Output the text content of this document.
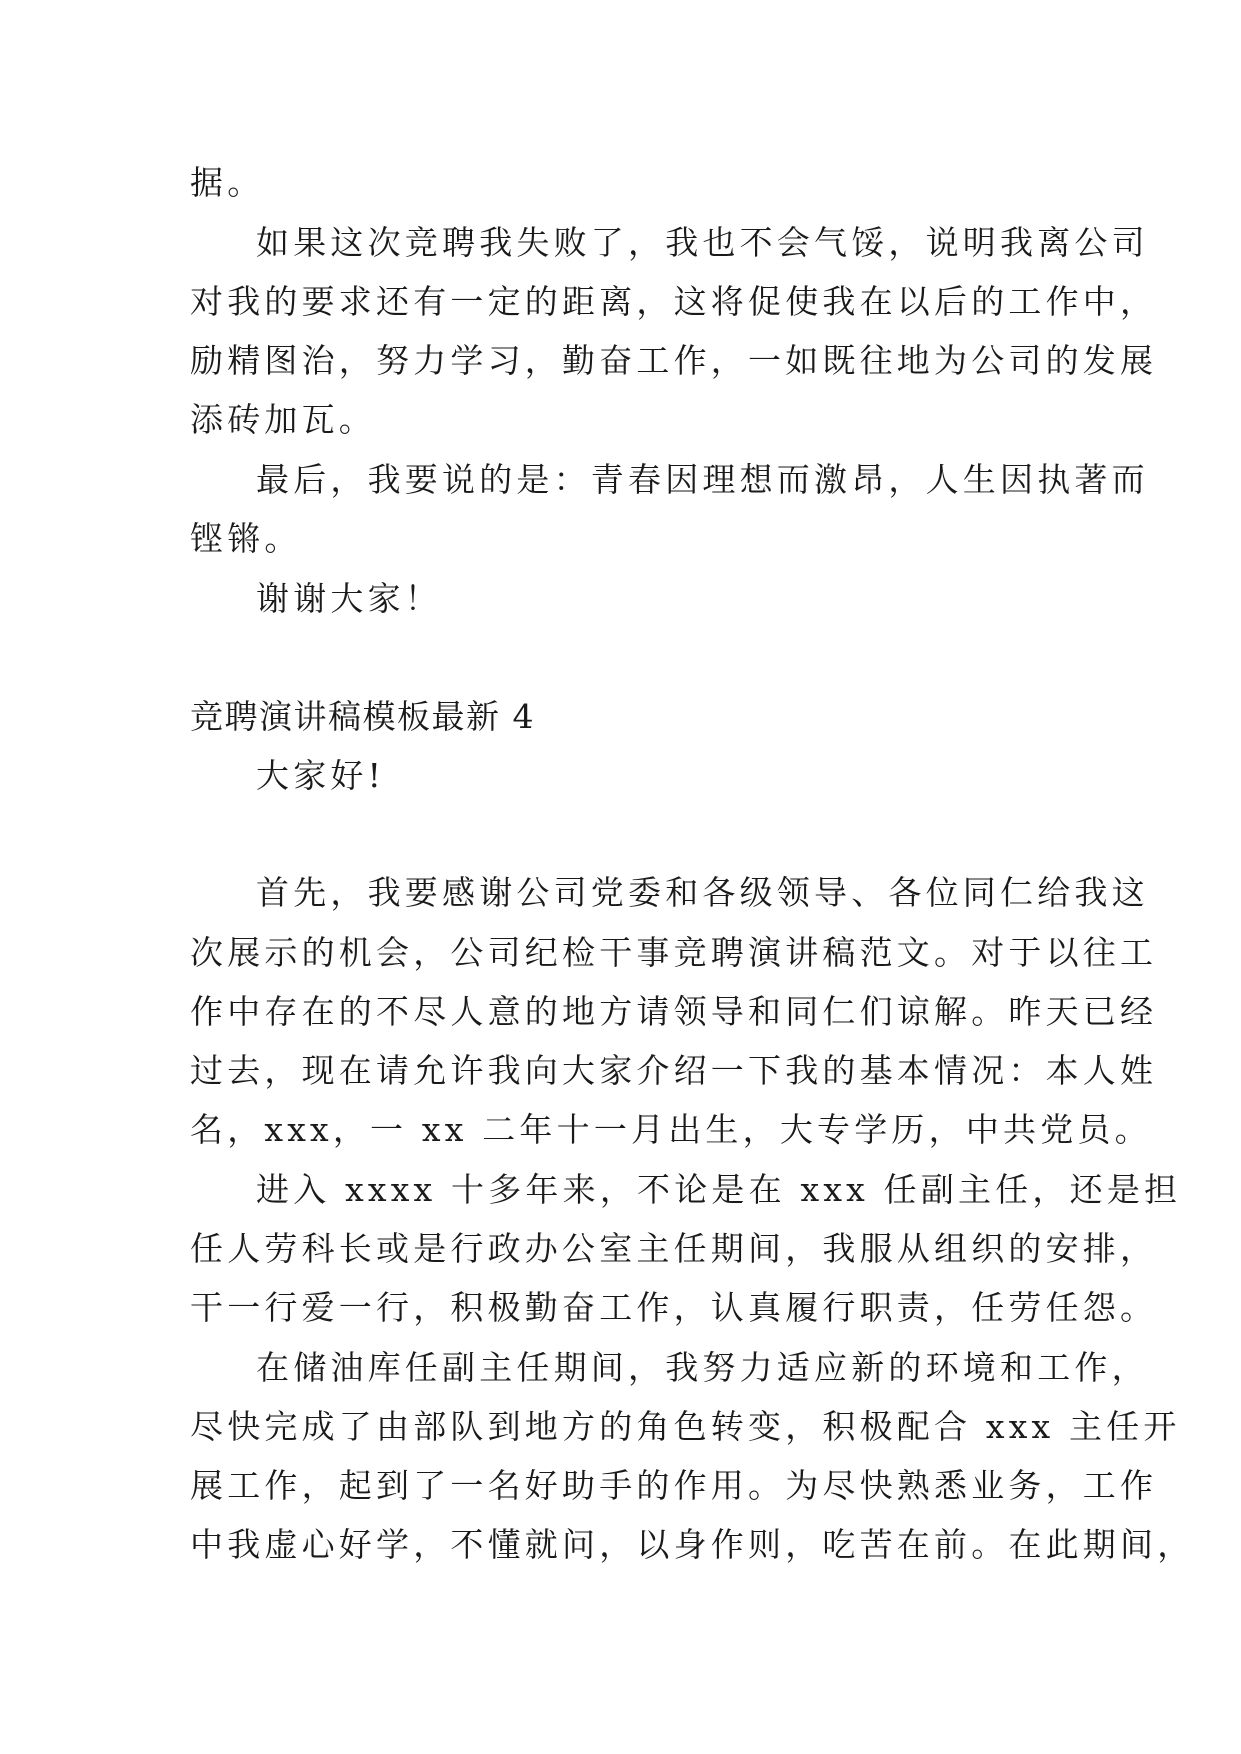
据。
如果这次竞聘我失败了，我也不会气馁，说明我离公司
对我的要求还有一定的距离，这将促使我在以后的工作中，
励精图治，努力学习，勤奋工作，一如既往地为公司的发展
添砖加瓦。
最后，我要说的是：青春因理想而激昂，人生因执著而
铿锵。
谢谢大家！
竞聘演讲稿模板最新 4
大家好!
首先，我要感谢公司党委和各级领导、各位同仁给我这
次展示的机会，公司纪检干事竞聘演讲稿范文。对于以往工
作中存在的不尽人意的地方请领导和同仁们谅解。昨天已经
过去，现在请允许我向大家介绍一下我的基本情况：本人姓
名，xxx，一 xx 二年十一月出生，大专学历，中共党员。
进入 xxxx 十多年来，不论是在 xxx 任副主任，还是担
任人劳科长或是行政办公室主任期间，我服从组织的安排，
干一行爱一行，积极勤奋工作，认真履行职责，任劳任怨。
在储油库任副主任期间，我努力适应新的环境和工作，
尽快完成了由部队到地方的角色转变，积极配合 xxx 主任开
展工作，起到了一名好助手的作用。为尽快熟悉业务，工作
中我虚心好学，不懂就问，以身作则，吃苦在前。在此期间，
